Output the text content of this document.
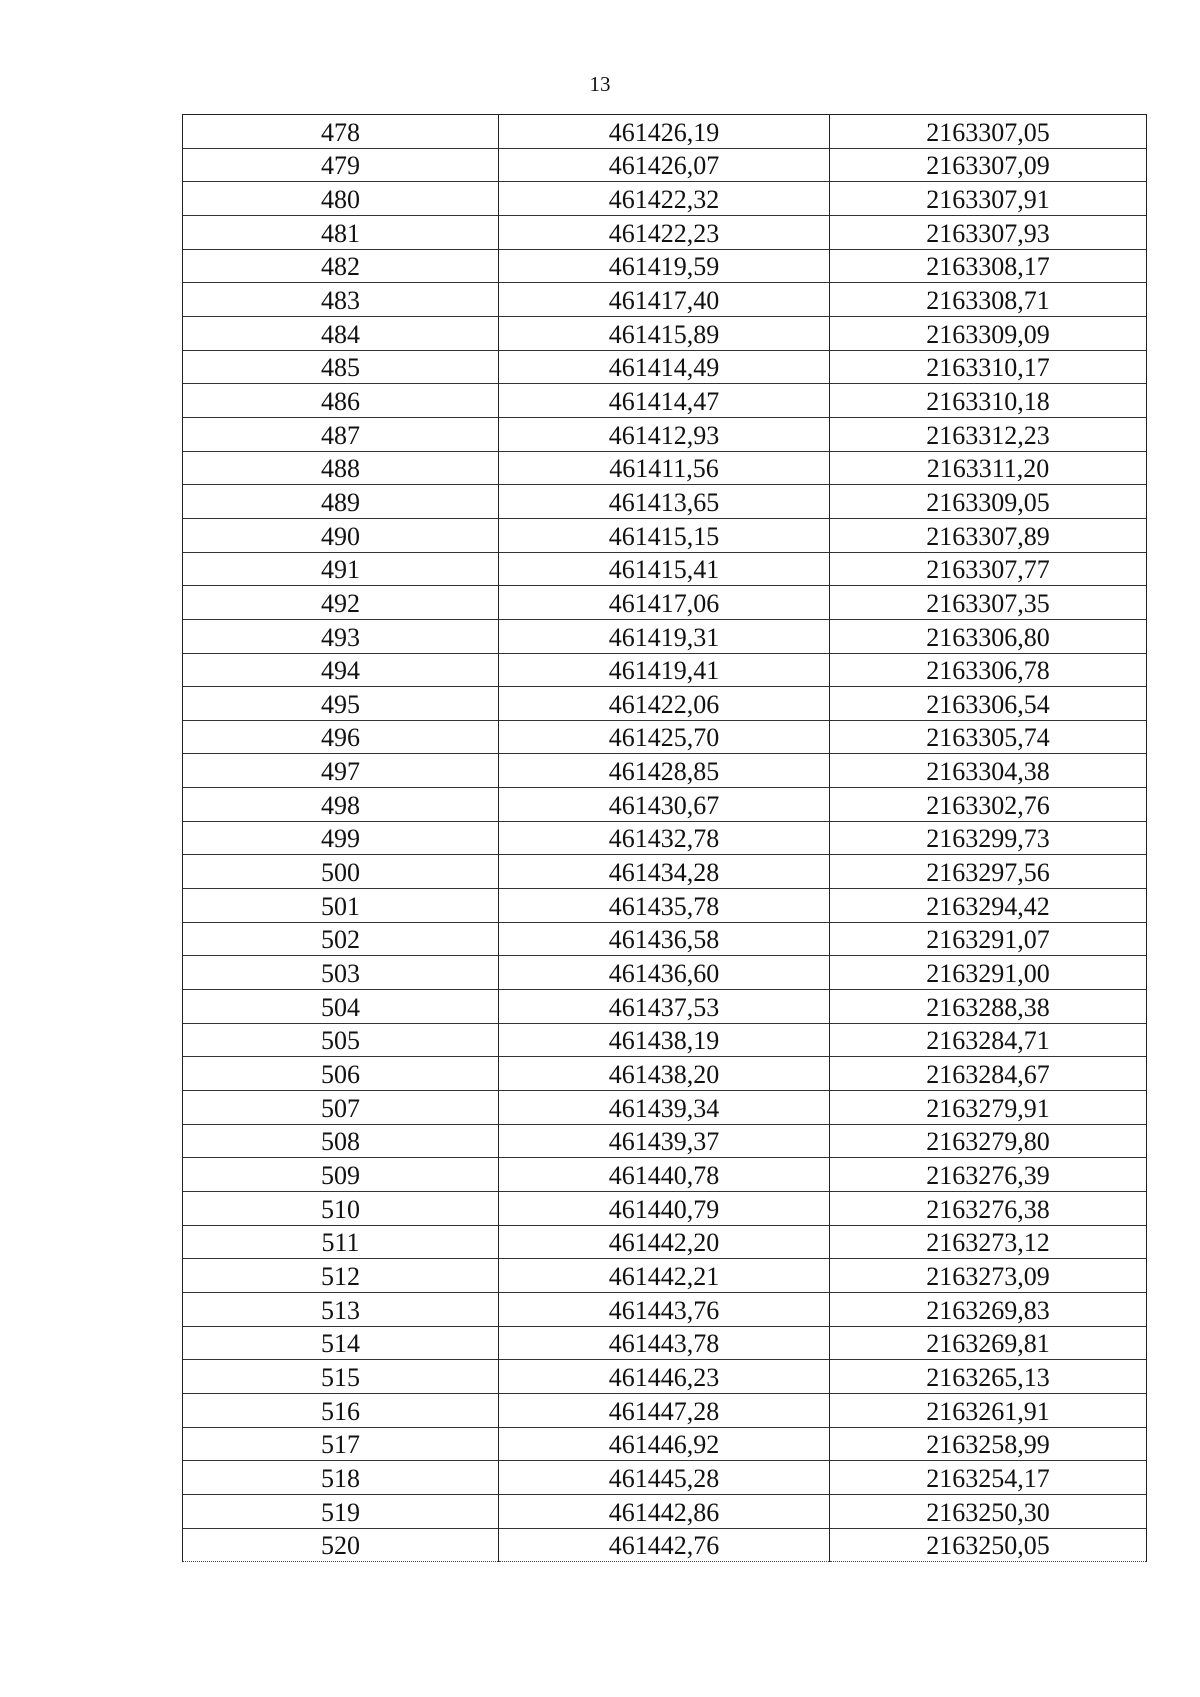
13
478	461426,19	2163307,05
479	461426,07	2163307,09
480	461422,32	2163307,91
481	461422,23	2163307,93
482	461419,59	2163308,17
483	461417,40	2163308,71
484	461415,89	2163309,09
485	461414,49	2163310,17
486	461414,47	2163310,18
487	461412,93	2163312,23
488	461411,56	2163311,20
489	461413,65	2163309,05
490	461415,15	2163307,89
491	461415,41	2163307,77
492	461417,06	2163307,35
493	461419,31	2163306,80
494	461419,41	2163306,78
495	461422,06	2163306,54
496	461425,70	2163305,74
497	461428,85	2163304,38
498	461430,67	2163302,76
499	461432,78	2163299,73
500	461434,28	2163297,56
501	461435,78	2163294,42
502	461436,58	2163291,07
503	461436,60	2163291,00
504	461437,53	2163288,38
505	461438,19	2163284,71
506	461438,20	2163284,67
507	461439,34	2163279,91
508	461439,37	2163279,80
509	461440,78	2163276,39
510	461440,79	2163276,38
511	461442,20	2163273,12
512	461442,21	2163273,09
513	461443,76	2163269,83
514	461443,78	2163269,81
515	461446,23	2163265,13
516	461447,28	2163261,91
517	461446,92	2163258,99
518	461445,28	2163254,17
519	461442,86	2163250,30
520	461442,76	2163250,05
